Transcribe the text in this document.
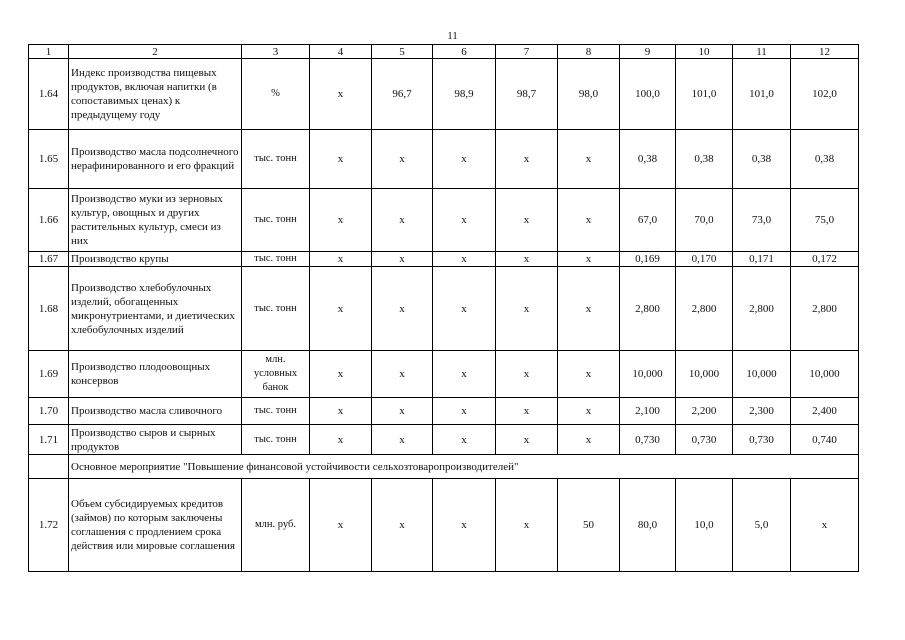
11
1	2	3	4	5	6	7	8	9	10	11	12
1.64	Индекс производства пищевых продуктов, включая напитки (в сопоставимых ценах) к предыдущему году	%	х	96,7	98,9	98,7	98,0	100,0	101,0	101,0	102,0
1.65	Производство масла подсолнечного нерафинированного и его фракций	тыс. тонн	х	х	х	х	х	0,38	0,38	0,38	0,38
1.66	Производство муки из зерновых культур, овощных и других растительных культур, смеси из них	тыс. тонн	х	х	х	х	х	67,0	70,0	73,0	75,0
1.67	Производство крупы	тыс. тонн	х	х	х	х	х	0,169	0,170	0,171	0,172
1.68	Производство хлебобулочных изделий, обогащенных микронутриентами, и диетических хлебобулочных изделий	тыс. тонн	х	х	х	х	х	2,800	2,800	2,800	2,800
1.69	Производство плодоовощных консервов	млн. условных банок	х	х	х	х	х	10,000	10,000	10,000	10,000
1.70	Производство масла сливочного	тыс. тонн	х	х	х	х	х	2,100	2,200	2,300	2,400
1.71	Производство сыров и сырных продуктов	тыс. тонн	х	х	х	х	х	0,730	0,730	0,730	0,740
	Основное мероприятие "Повышение финансовой устойчивости сельхозтоваропроизводителей"										
1.72	Объем субсидируемых кредитов (займов) по которым заключены соглашения с продлением срока действия или мировые соглашения	млн. руб.	х	х	х	х	50	80,0	10,0	5,0	х
